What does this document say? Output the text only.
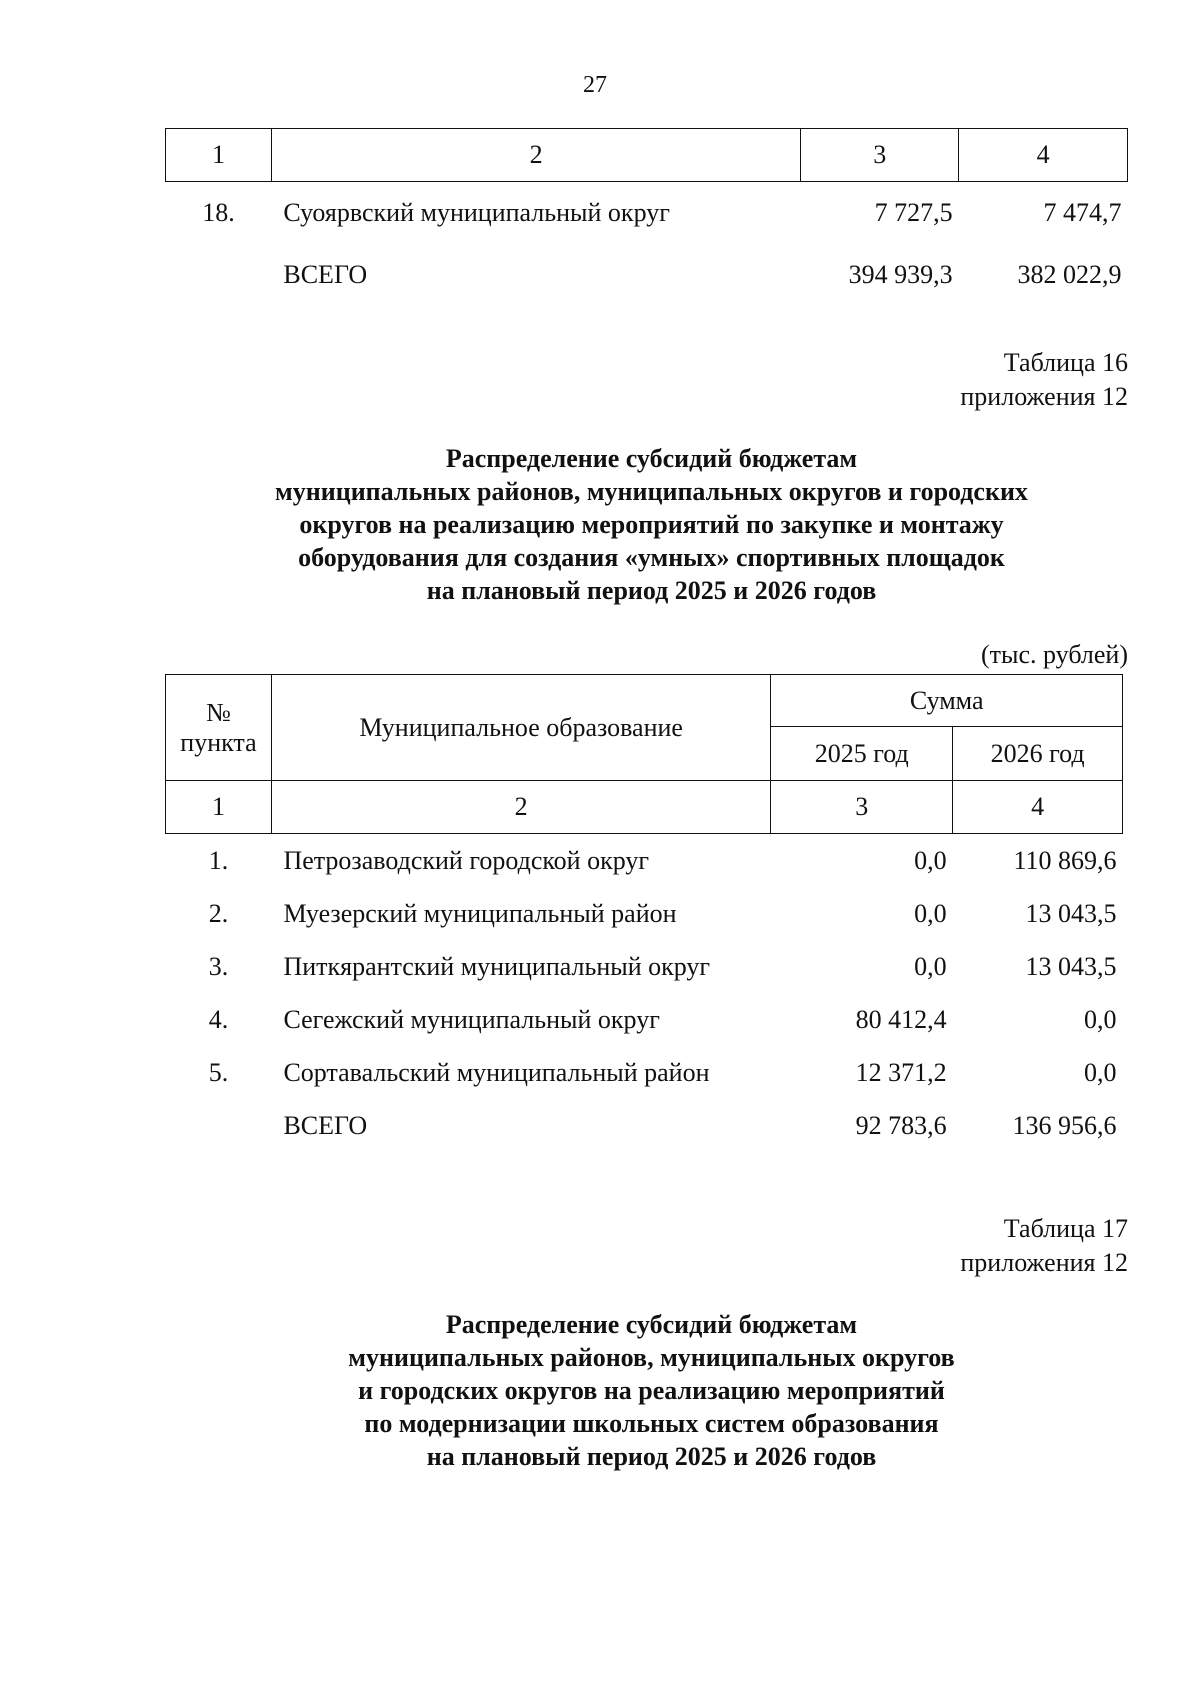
27
1	2	3	4
18.	Суоярвский муниципальный округ	7 727,5	7 474,7
	ВСЕГО	394 939,3	382 022,9
Таблица 16
приложения 12
Распределение субсидий бюджетам
муниципальных районов, муниципальных округов и городских
округов на реализацию мероприятий по закупке и монтажу
оборудования для создания «умных» спортивных площадок
на плановый период 2025 и 2026 годов
(тыс. рублей)
№
пункта	Муниципальное образование	Сумма	
		2025 год	2026 год
1	2	3	4
1.	Петрозаводский городской округ	0,0	110 869,6
2.	Муезерский муниципальный район	0,0	13 043,5
3.	Питкярантский муниципальный округ	0,0	13 043,5
4.	Сегежский муниципальный округ	80 412,4	0,0
5.	Сортавальский муниципальный район	12 371,2	0,0
	ВСЕГО	92 783,6	136 956,6
Таблица 17
приложения 12
Распределение субсидий бюджетам
муниципальных районов, муниципальных округов
и городских округов на реализацию мероприятий
по модернизации школьных систем образования
на плановый период 2025 и 2026 годов
